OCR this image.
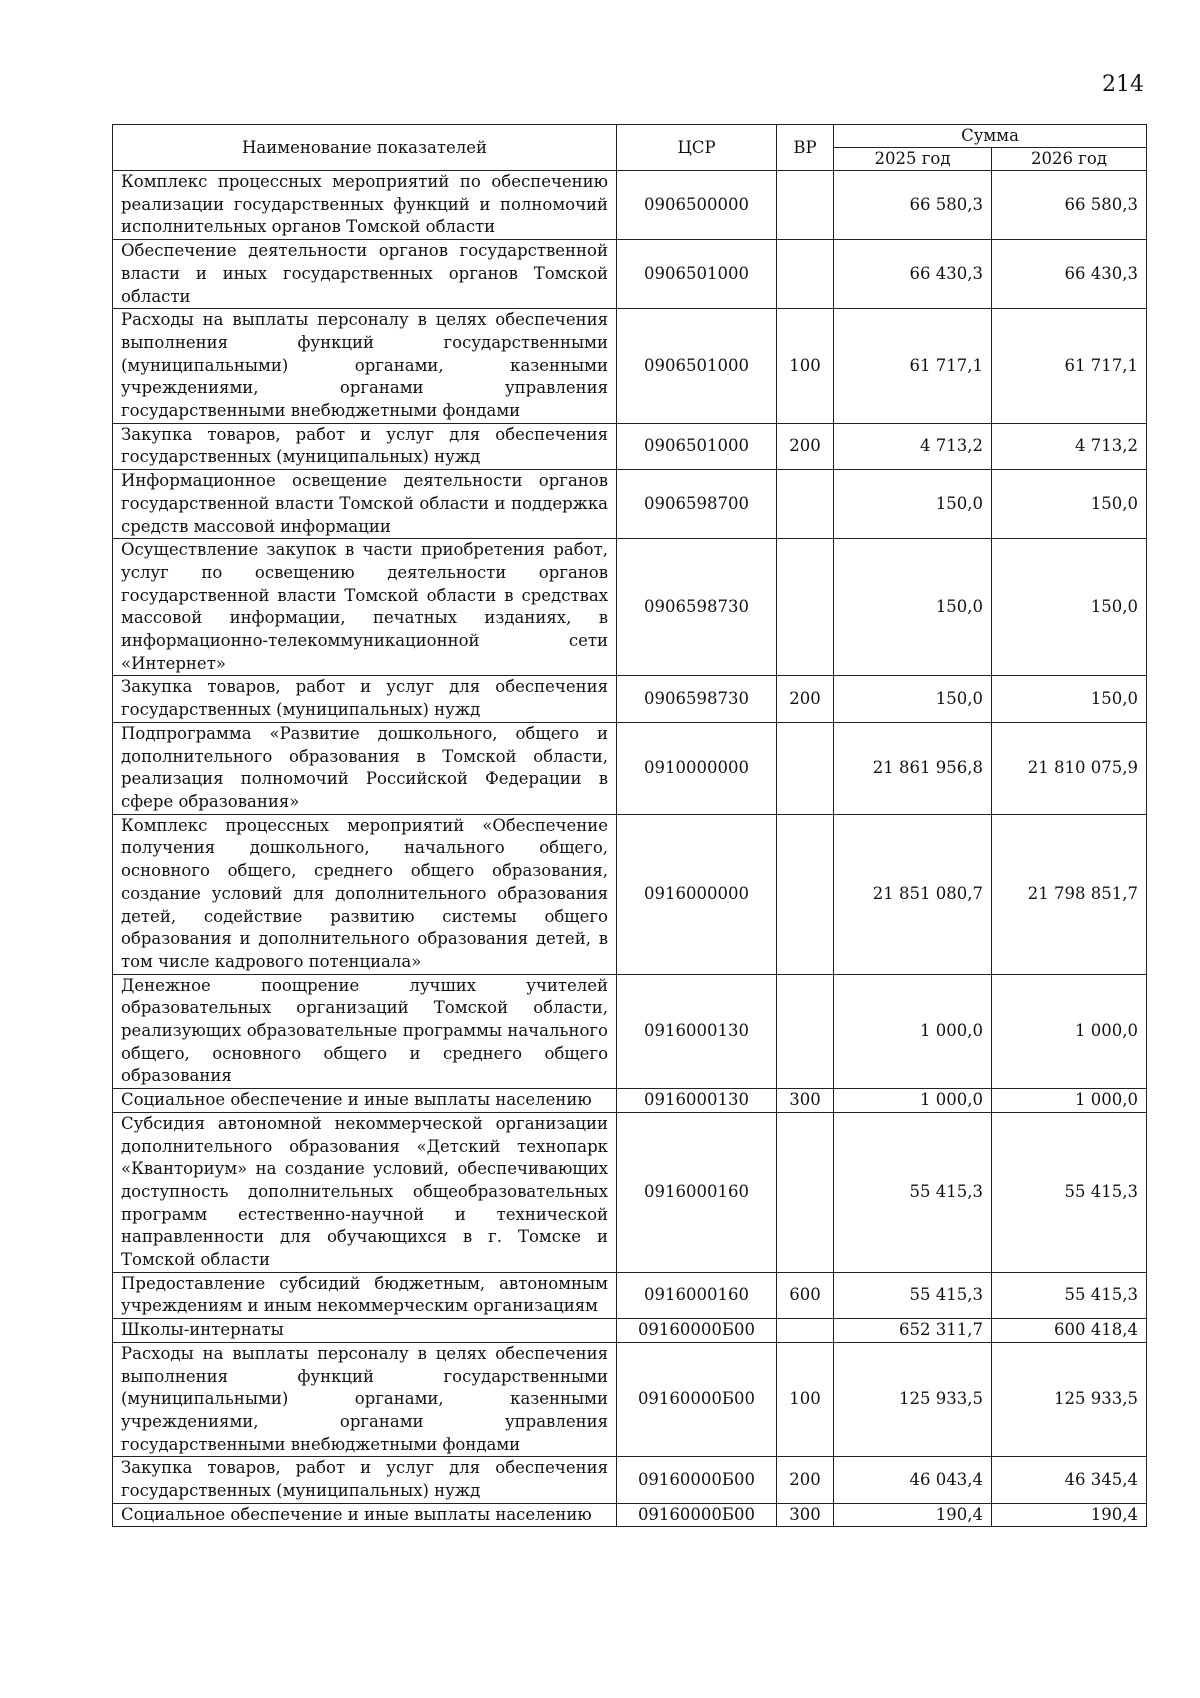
214
Наименование показателей	ЦСР	ВР	Сумма	
			2025 год	2026 год
Комплекс процессных мероприятий по обеспечению реализации государственных функций и полномочий исполнительных органов Томской области	0906500000		66 580,3	66 580,3
Обеспечение деятельности органов государственной власти и иных государственных органов Томской области	0906501000		66 430,3	66 430,3
Расходы на выплаты персоналу в целях обеспечения выполнения функций государственными (муниципальными) органами, казенными учреждениями, органами управления государственными внебюджетными фондами	0906501000	100	61 717,1	61 717,1
Закупка товаров, работ и услуг для обеспечения государственных (муниципальных) нужд	0906501000	200	4 713,2	4 713,2
Информационное освещение деятельности органов государственной власти Томской области и поддержка средств массовой информации	0906598700		150,0	150,0
Осуществление закупок в части приобретения работ, услуг по освещению деятельности органов государственной власти Томской области в средствах массовой информации, печатных изданиях, в информационно-телекоммуникационной сети «Интернет»	0906598730		150,0	150,0
Закупка товаров, работ и услуг для обеспечения государственных (муниципальных) нужд	0906598730	200	150,0	150,0
Подпрограмма «Развитие дошкольного, общего и дополнительного образования в Томской области, реализация полномочий Российской Федерации в сфере образования»	0910000000		21 861 956,8	21 810 075,9
Комплекс процессных мероприятий «Обеспечение получения дошкольного, начального общего, основного общего, среднего общего образования, создание условий для дополнительного образования детей, содействие развитию системы общего образования и дополнительного образования детей, в том числе кадрового потенциала»	0916000000		21 851 080,7	21 798 851,7
Денежное поощрение лучших учителей образовательных организаций Томской области, реализующих образовательные программы начального общего, основного общего и среднего общего образования	0916000130		1 000,0	1 000,0
Социальное обеспечение и иные выплаты населению	0916000130	300	1 000,0	1 000,0
Субсидия автономной некоммерческой организации дополнительного образования «Детский технопарк «Кванториум» на создание условий, обеспечивающих доступность дополнительных общеобразовательных программ естественно-научной и технической направленности для обучающихся в г. Томске и Томской области	0916000160		55 415,3	55 415,3
Предоставление субсидий бюджетным, автономным учреждениям и иным некоммерческим организациям	0916000160	600	55 415,3	55 415,3
Школы-интернаты	09160000Б00		652 311,7	600 418,4
Расходы на выплаты персоналу в целях обеспечения выполнения функций государственными (муниципальными) органами, казенными учреждениями, органами управления государственными внебюджетными фондами	09160000Б00	100	125 933,5	125 933,5
Закупка товаров, работ и услуг для обеспечения государственных (муниципальных) нужд	09160000Б00	200	46 043,4	46 345,4
Социальное обеспечение и иные выплаты населению	09160000Б00	300	190,4	190,4
